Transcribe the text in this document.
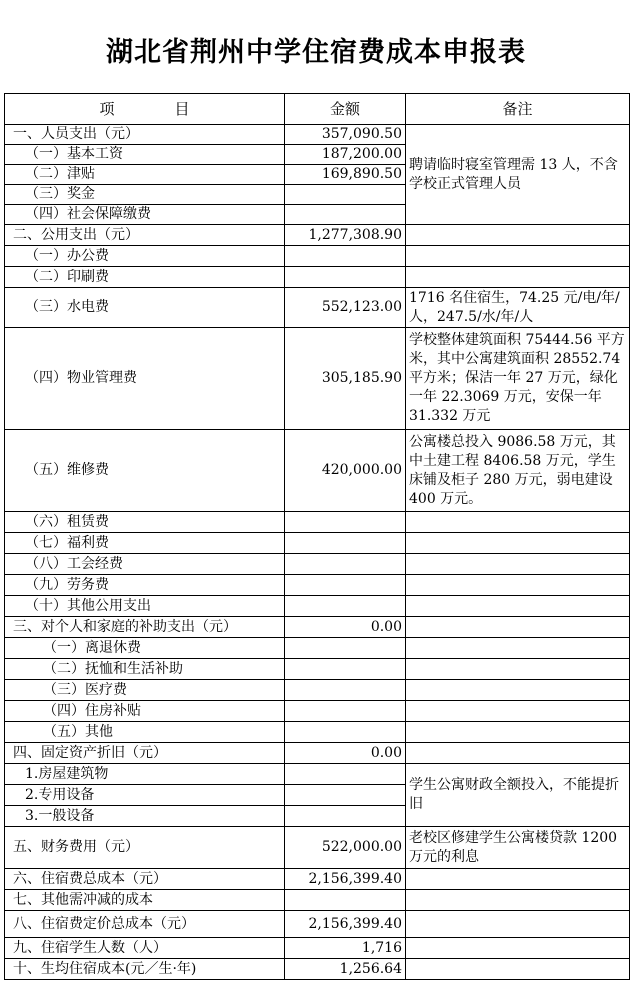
湖北省荆州中学住宿费成本申报表
项 目	金额	备注
一、人员支出（元）	357,090.50	聘请临时寝室管理需 13 人，不含学校正式管理人员
（一）基本工资	187,200.00	
（二）津贴	169,890.50	
（三）奖金		
（四）社会保障缴费		
二、公用支出（元）	1,277,308.90	
（一）办公费		
（二）印刷费		
（三）水电费	552,123.00	1716 名住宿生，74.25 元/电/年/人，247.5/水/年/人
（四）物业管理费	305,185.90	学校整体建筑面积 75444.56 平方米，其中公寓建筑面积 28552.74 平方米；保洁一年 27 万元，绿化一年 22.3069 万元，安保一年 31.332 万元
（五）维修费	420,000.00	公寓楼总投入 9086.58 万元，其中土建工程 8406.58 万元，学生床铺及柜子 280 万元，弱电建设 400 万元。
（六）租赁费		
（七）福利费		
（八）工会经费		
（九）劳务费		
（十）其他公用支出		
三、对个人和家庭的补助支出（元）	0.00	
（一）离退休费		
（二）抚恤和生活补助		
（三）医疗费		
（四）住房补贴		
（五）其他		
四、固定资产折旧（元）	0.00	
1.房屋建筑物		学生公寓财政全额投入，不能提折旧
2.专用设备		
3.一般设备		
五、财务费用（元）	522,000.00	老校区修建学生公寓楼贷款 1200 万元的利息
六、住宿费总成本（元）	2,156,399.40	
七、其他需冲减的成本		
八、住宿费定价总成本（元）	2,156,399.40	
九、住宿学生人数（人）	1,716	
十、生均住宿成本(元／生·年)	1,256.64	
